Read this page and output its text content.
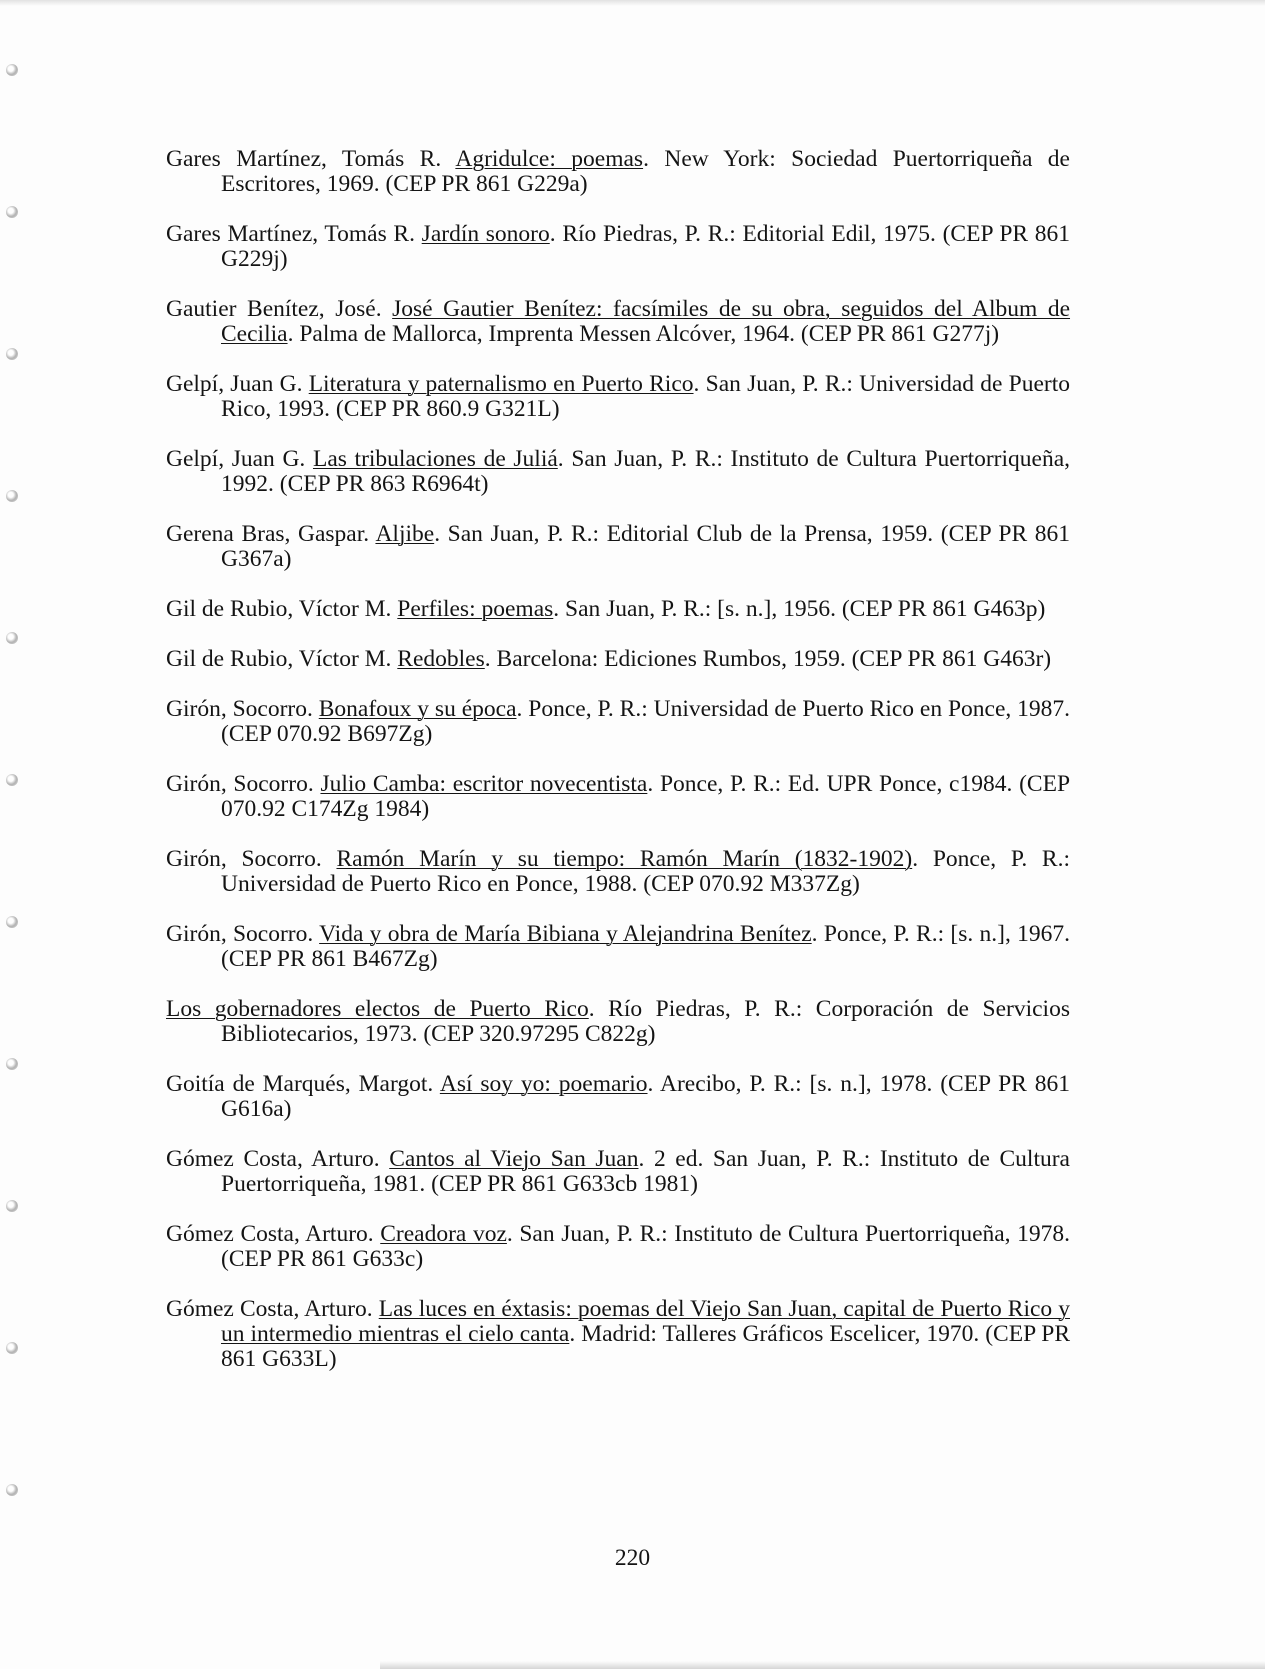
Gares Martínez, Tomás R. Agridulce: poemas. New York: Sociedad Puertorriqueña de Escritores, 1969. (CEP PR 861 G229a)
Gares Martínez, Tomás R. Jardín sonoro. Río Piedras, P. R.: Editorial Edil, 1975. (CEP PR 861 G229j)
Gautier Benítez, José. José Gautier Benítez: facsímiles de su obra, seguidos del Album de Cecilia. Palma de Mallorca, Imprenta Messen Alcóver, 1964. (CEP PR 861 G277j)
Gelpí, Juan G. Literatura y paternalismo en Puerto Rico. San Juan, P. R.: Universidad de Puerto Rico, 1993. (CEP PR 860.9 G321L)
Gelpí, Juan G. Las tribulaciones de Juliá. San Juan, P. R.: Instituto de Cultura Puertorriqueña, 1992. (CEP PR 863 R6964t)
Gerena Bras, Gaspar. Aljibe. San Juan, P. R.: Editorial Club de la Prensa, 1959. (CEP PR 861 G367a)
Gil de Rubio, Víctor M. Perfiles: poemas. San Juan, P. R.: [s. n.], 1956. (CEP PR 861 G463p)
Gil de Rubio, Víctor M. Redobles. Barcelona: Ediciones Rumbos, 1959. (CEP PR 861 G463r)
Girón, Socorro. Bonafoux y su época. Ponce, P. R.: Universidad de Puerto Rico en Ponce, 1987. (CEP 070.92 B697Zg)
Girón, Socorro. Julio Camba: escritor novecentista. Ponce, P. R.: Ed. UPR Ponce, c1984. (CEP 070.92 C174Zg 1984)
Girón, Socorro. Ramón Marín y su tiempo: Ramón Marín (1832-1902). Ponce, P. R.: Universidad de Puerto Rico en Ponce, 1988. (CEP 070.92 M337Zg)
Girón, Socorro. Vida y obra de María Bibiana y Alejandrina Benítez. Ponce, P. R.: [s. n.], 1967. (CEP PR 861 B467Zg)
Los gobernadores electos de Puerto Rico. Río Piedras, P. R.: Corporación de Servicios Bibliotecarios, 1973. (CEP 320.97295 C822g)
Goitía de Marqués, Margot. Así soy yo: poemario. Arecibo, P. R.: [s. n.], 1978. (CEP PR 861 G616a)
Gómez Costa, Arturo. Cantos al Viejo San Juan. 2 ed. San Juan, P. R.: Instituto de Cultura Puertorriqueña, 1981. (CEP PR 861 G633cb 1981)
Gómez Costa, Arturo. Creadora voz. San Juan, P. R.: Instituto de Cultura Puertorriqueña, 1978. (CEP PR 861 G633c)
Gómez Costa, Arturo. Las luces en éxtasis: poemas del Viejo San Juan, capital de Puerto Rico y un intermedio mientras el cielo canta. Madrid: Talleres Gráficos Escelicer, 1970. (CEP PR 861 G633L)
220
